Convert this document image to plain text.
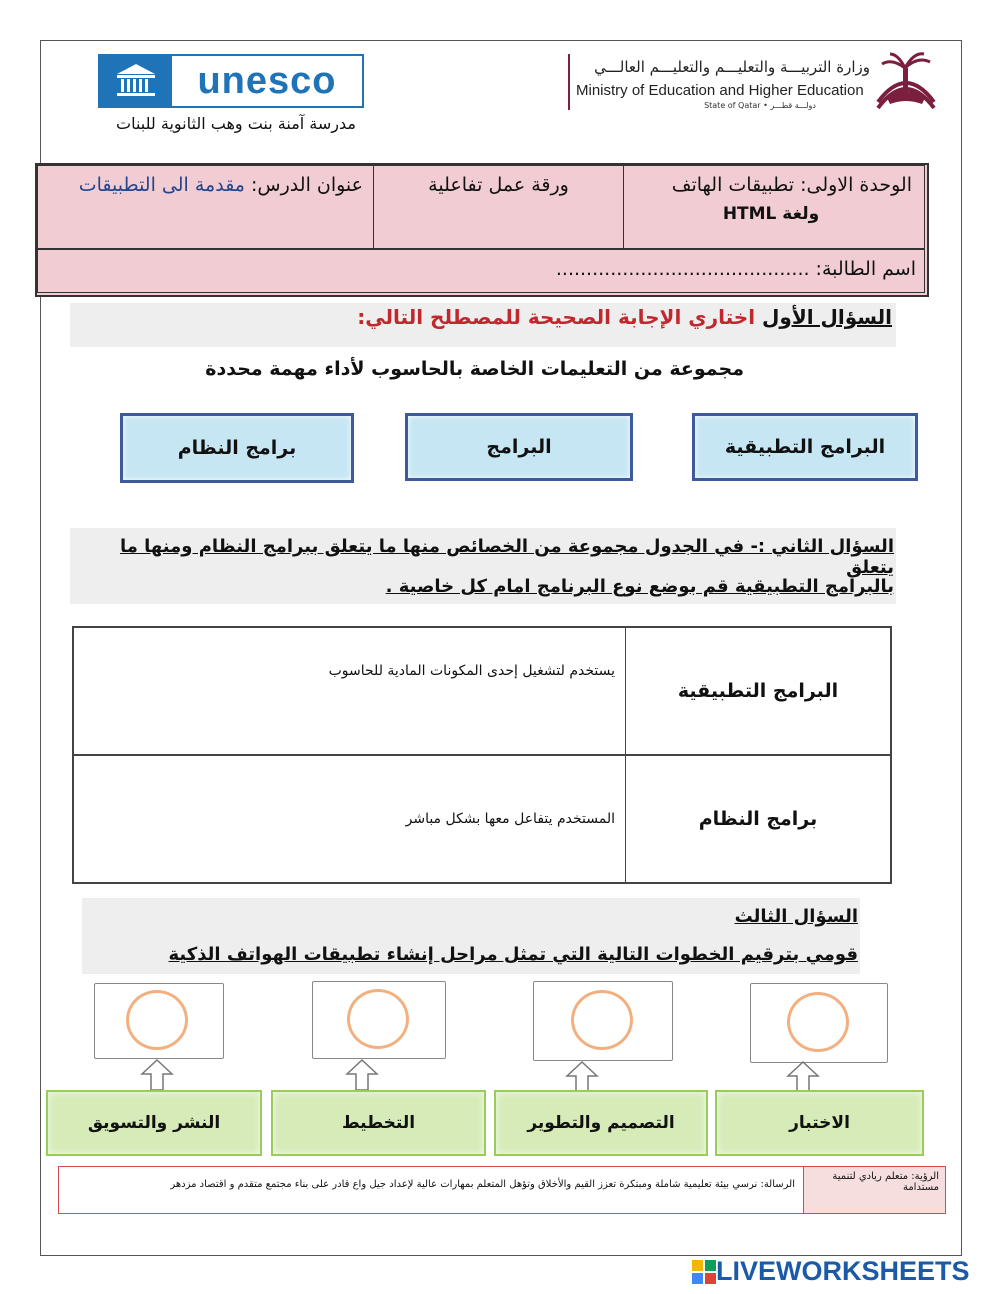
unesco
مدرسة آمنة بنت وهب الثانوية للبنات
وزارة التربيـــة والتعليـــم والتعليـــم العالـــي
Ministry of Education and Higher Education
State of Qatar • دولـــة قطـــر
الوحدة الاولى: تطبيقات الهاتف
ولغة HTML
ورقة عمل تفاعلية
عنوان الدرس: مقدمة الى التطبيقات
اسم الطالبة: ..........................................
السؤال الأول اختاري الإجابة الصحيحة للمصطلح التالي:
مجموعة من التعليمات الخاصة بالحاسوب لأداء مهمة محددة
البرامج التطبيقية
البرامج
برامج النظام
السؤال الثاني :- في الجدول مجموعة من الخصائص منها ما يتعلق ببرامج النظام ومنها ما يتعلق
بالبرامج التطبيقية قم بوضع نوع البرنامج امام كل خاصية .
البرامج التطبيقية
يستخدم لتشغيل إحدى المكونات المادية للحاسوب
برامج النظام
المستخدم يتفاعل معها بشكل مباشر
السؤال الثالث
قومي بترقيم الخطوات التالية التي تمثل مراحل إنشاء تطبيقات الهواتف الذكية
الاختبار
التصميم والتطوير
التخطيط
النشر والتسويق
الرؤية: متعلم ريادي لتنمية مستدامة
الرسالة: نرسي بيئة تعليمية شاملة ومبتكرة تعزز القيم والأخلاق وتؤهل المتعلم بمهارات عالية لإعداد جيل واع قادر على بناء مجتمع متقدم و اقتصاد مزدهر
LIVEWORKSHEETS
